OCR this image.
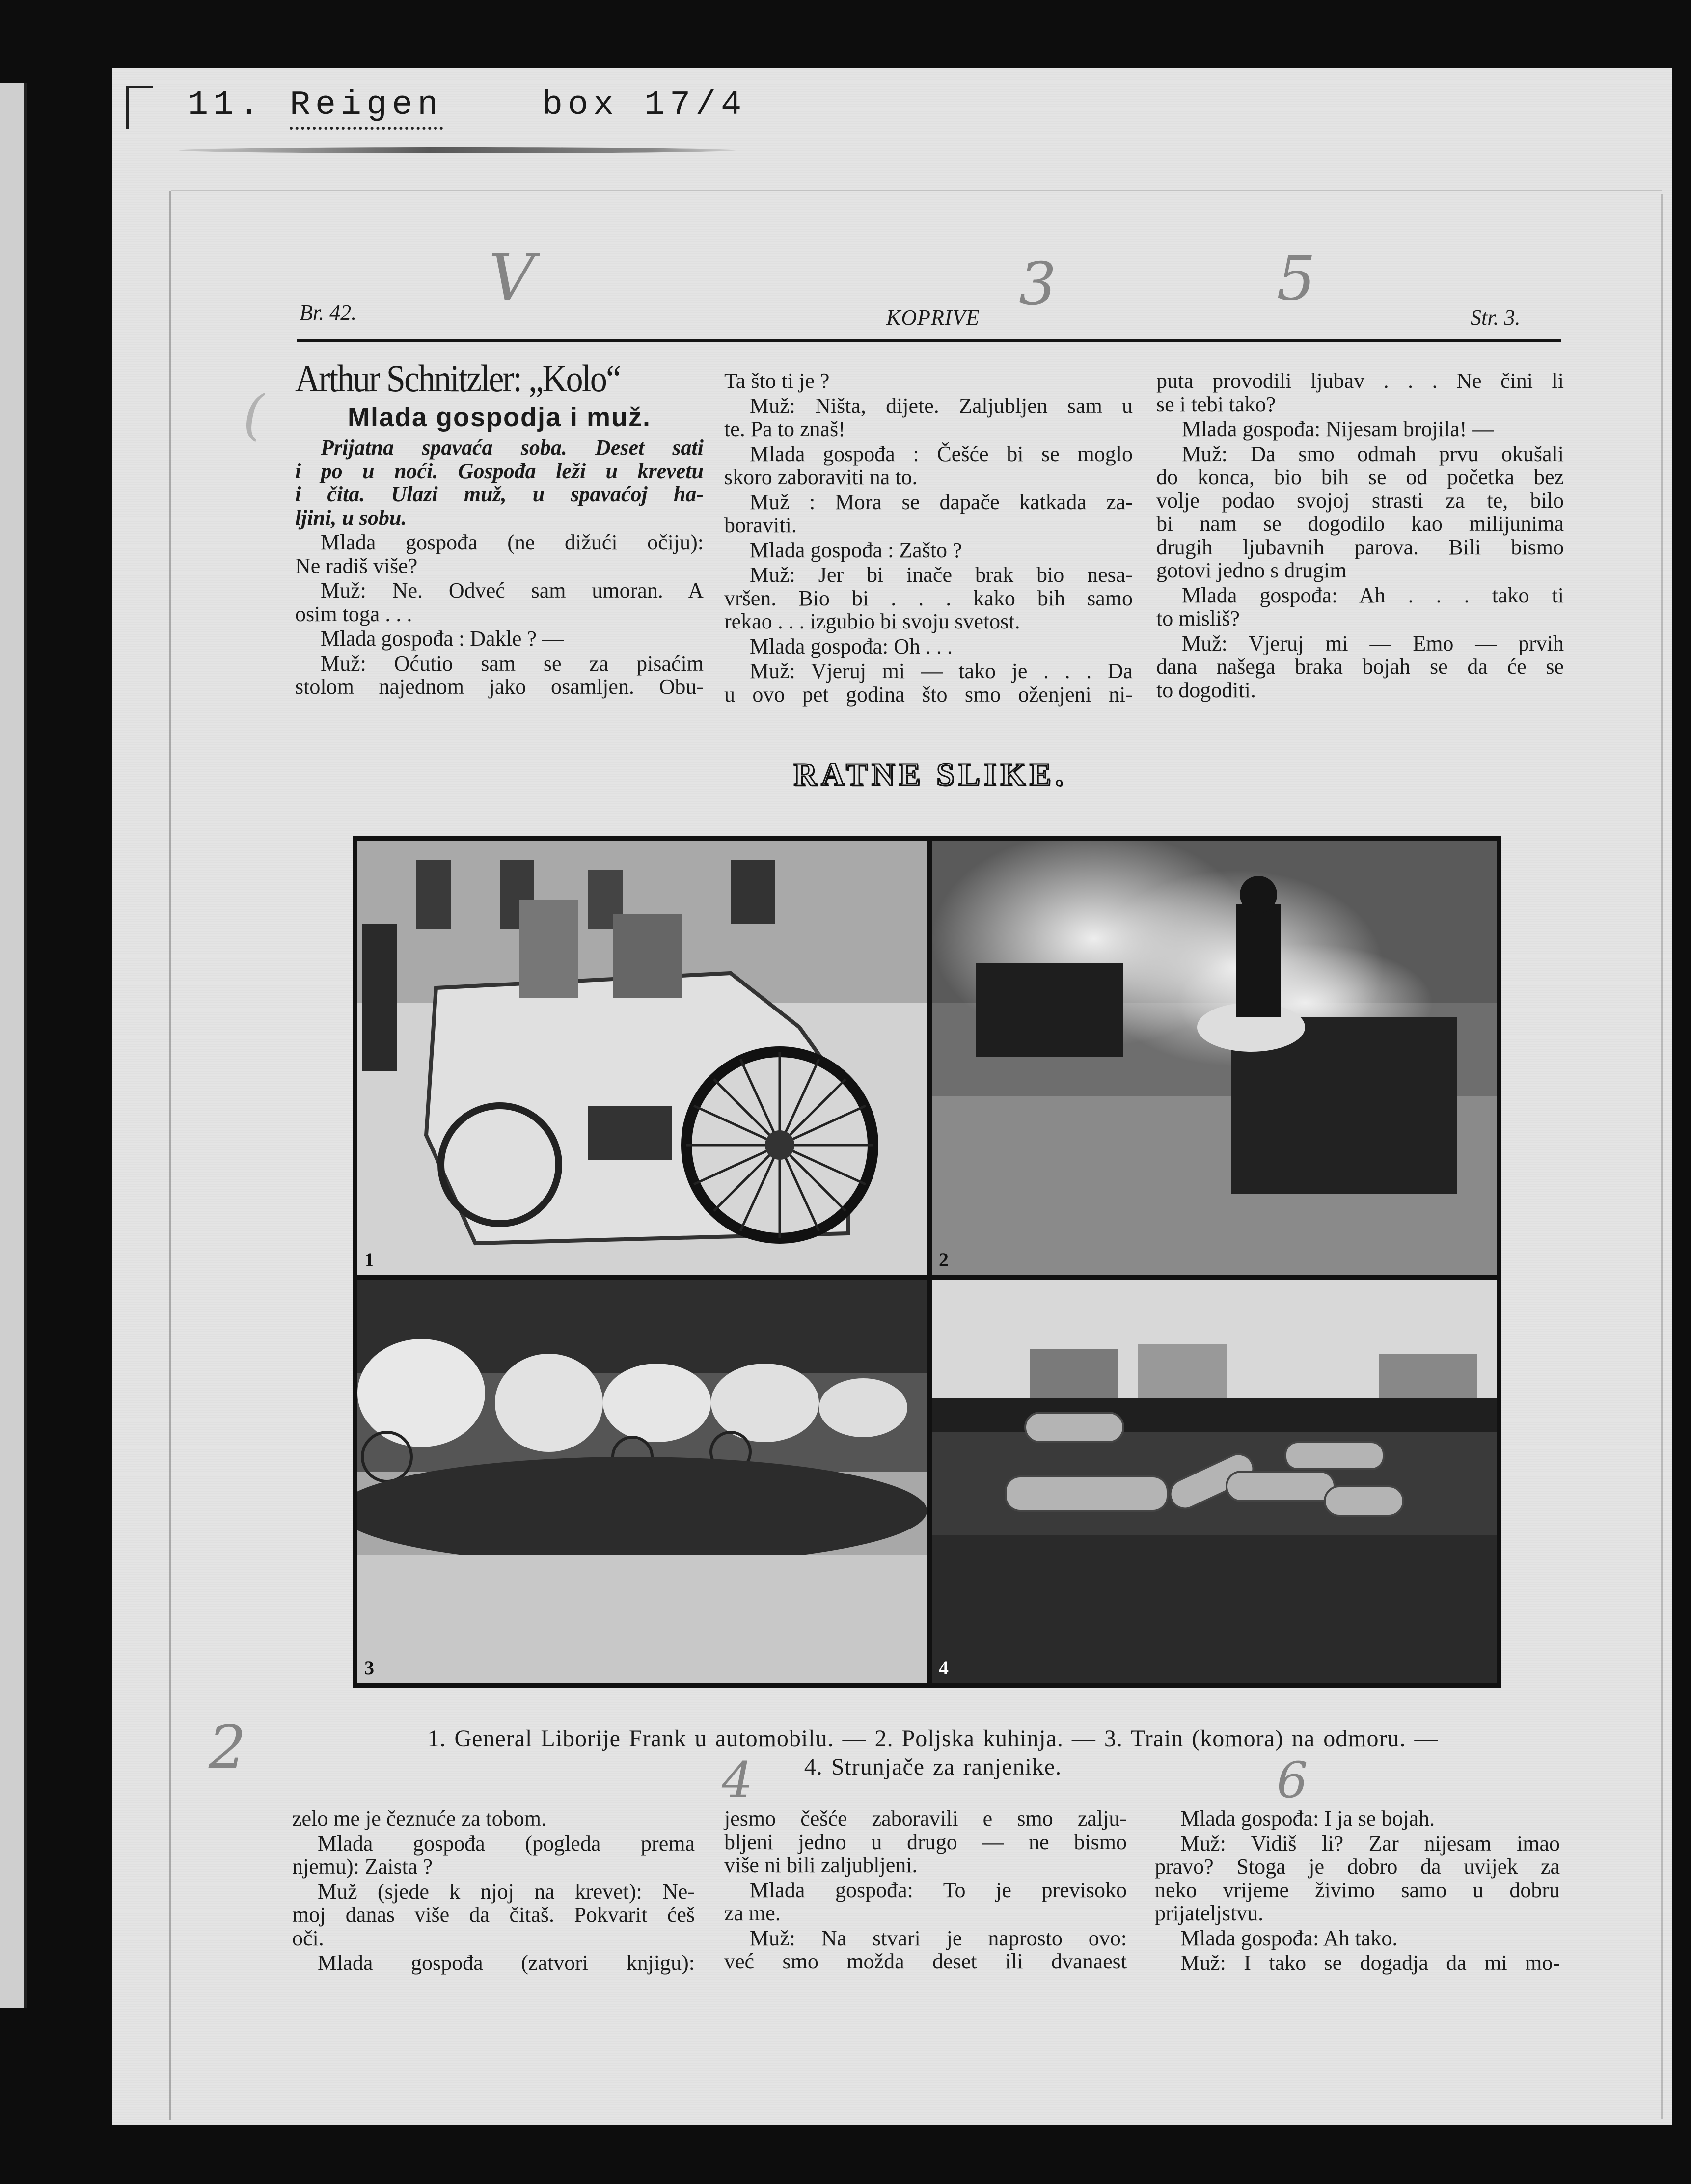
11. Reigen	box 17/4
Br. 42.	KOPRIVE	Str. 3.
V	3	5
(
2	4	6
Arthur Schnitzler: „Kolo“
Mlada gospodja i muž.
Prijatna spavaća soba. Deset sati
i po u noći. Gospođa leži u krevetu
i čita. Ulazi muž, u spavaćoj ha-
ljini, u sobu.
Mlada gospođa (ne dižući očiju):
Ne radiš više?
Muž: Ne. Odveć sam umoran. A
osim toga . . .
Mlada gospođa : Dakle ? —
Muž: Oćutio sam se za pisaćim
stolom najednom jako osamljen. Obu-
Ta što ti je ?
Muž: Ništa, dijete. Zaljubljen sam u
te. Pa to znaš!
Mlada gospođa : Češće bi se moglo
skoro zaboraviti na to.
Muž : Mora se dapače katkada za-
boraviti.
Mlada gospođa : Zašto ?
Muž: Jer bi inače brak bio nesa-
vršen. Bio bi . . . kako bih samo
rekao . . . izgubio bi svoju svetost.
Mlada gospođa: Oh . . .
Muž: Vjeruj mi — tako je . . . Da
u ovo pet godina što smo oženjeni ni-
puta provodili ljubav . . . Ne čini li
se i tebi tako?
Mlada gospođa: Nijesam brojila! —
Muž: Da smo odmah prvu okušali
do konca, bio bih se od početka bez
volje podao svojoj strasti za te, bilo
bi nam se dogodilo kao milijunima
drugih ljubavnih parova. Bili bismo
gotovi jedno s drugim
Mlada gospođa: Ah . . . tako ti
to misliš?
Muž: Vjeruj mi — Emo — prvih
dana našega braka bojah se da će se
to dogoditi.
RATNE SLIKE.
1	2
3	4
1. General Liborije Frank u automobilu. — 2. Poljska kuhinja. — 3. Train (komora) na odmoru. —
4. Strunjače za ranjenike.
zelo me je čeznuće za tobom.
Mlada gospođa (pogleda prema
njemu): Zaista ?
Muž (sjede k njoj na krevet): Ne-
moj danas više da čitaš. Pokvarit ćeš
oči.
Mlada gospođa (zatvori knjigu):
jesmo češće zaboravili e smo zalju-
bljeni jedno u drugo — ne bismo
više ni bili zaljubljeni.
Mlada gospođa: To je previsoko
za me.
Muž: Na stvari je naprosto ovo:
već smo možda deset ili dvanaest
Mlada gospođa: I ja se bojah.
Muž: Vidiš li? Zar nijesam imao
pravo? Stoga je dobro da uvijek za
neko vrijeme živimo samo u dobru
prijateljstvu.
Mlada gospođa: Ah tako.
Muž: I tako se dogadja da mi mo-
